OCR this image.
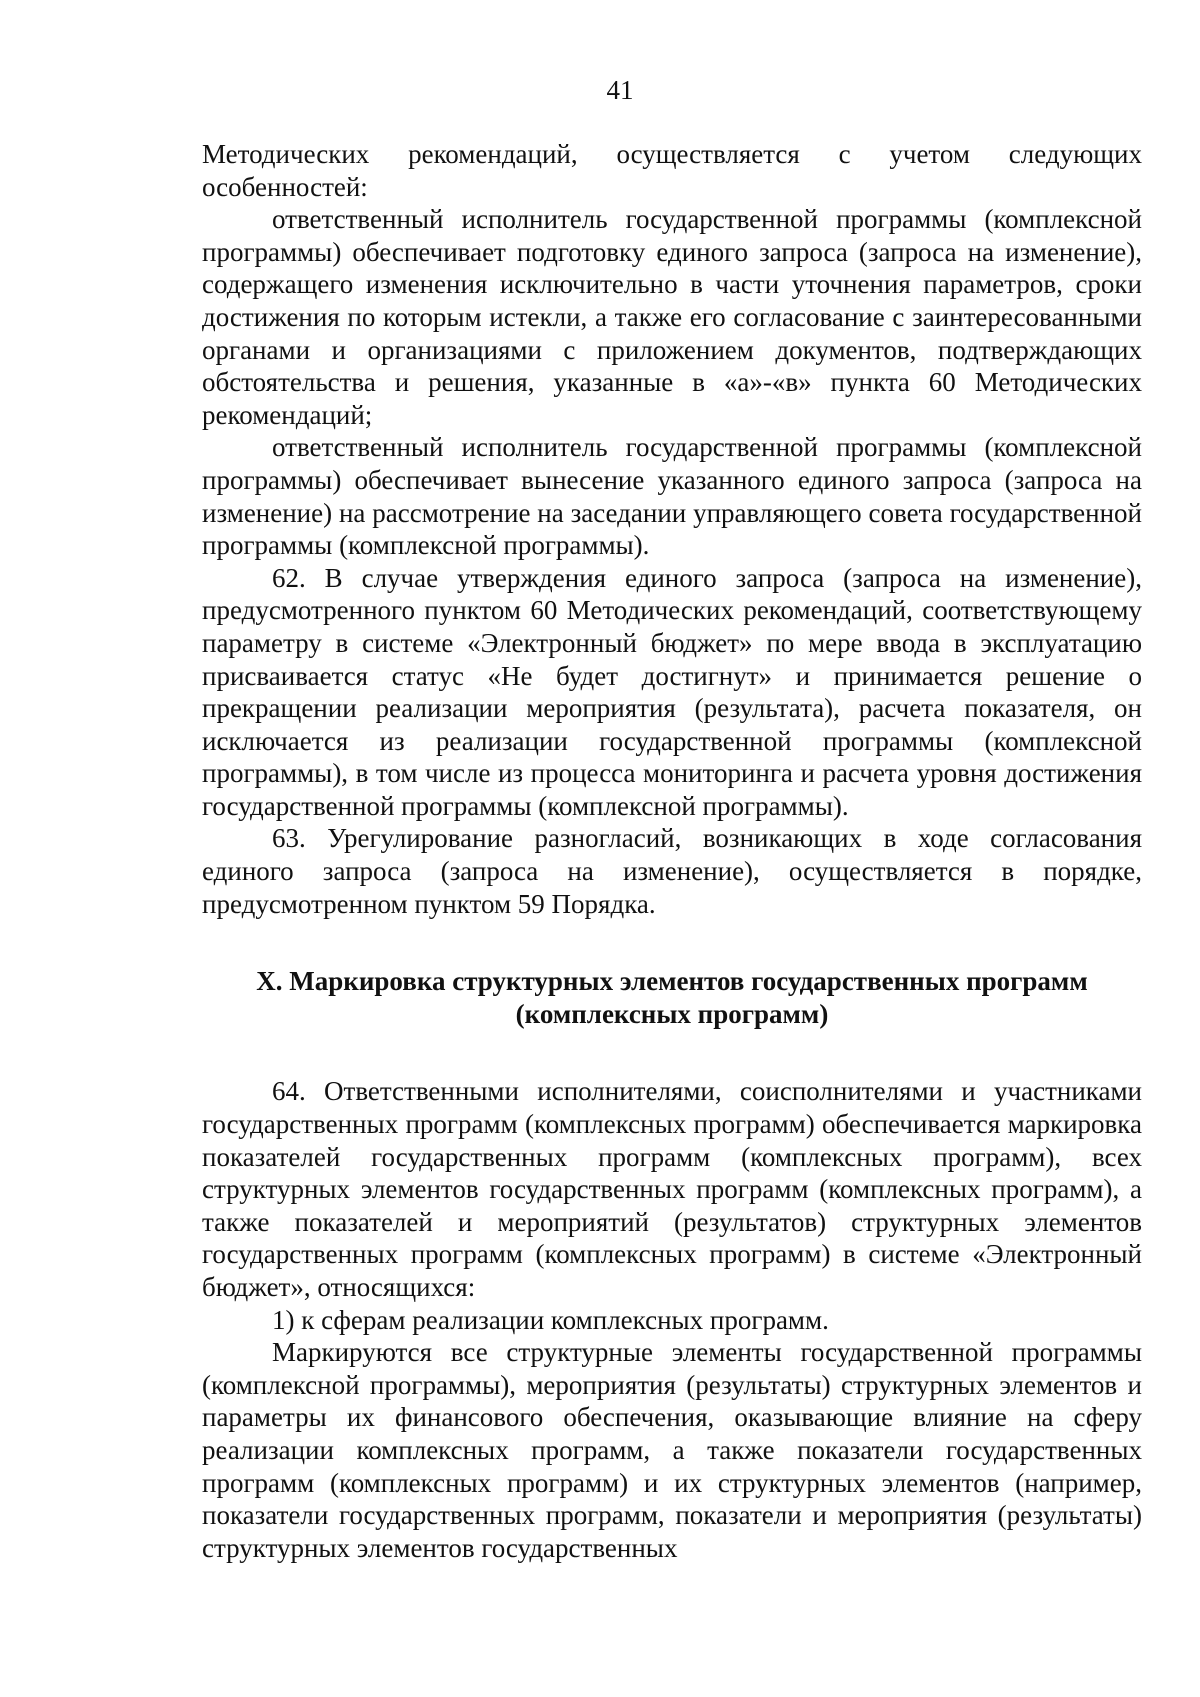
41

Методических рекомендаций, осуществляется с учетом следующих особенностей:

ответственный исполнитель государственной программы (комплексной программы) обеспечивает подготовку единого запроса (запроса на изменение), содержащего изменения исключительно в части уточнения параметров, сроки достижения по которым истекли, а также его согласование с заинтересованными органами и организациями с приложением документов, подтверждающих обстоятельства и решения, указанные в «а»-«в» пункта 60 Методических рекомендаций;

ответственный исполнитель государственной программы (комплексной программы) обеспечивает вынесение указанного единого запроса (запроса на изменение) на рассмотрение на заседании управляющего совета государственной программы (комплексной программы).

62. В случае утверждения единого запроса (запроса на изменение), предусмотренного пунктом 60 Методических рекомендаций, соответствующему параметру в системе «Электронный бюджет» по мере ввода в эксплуатацию присваивается статус «Не будет достигнут» и принимается решение о прекращении реализации мероприятия (результата), расчета показателя, он исключается из реализации государственной программы (комплексной программы), в том числе из процесса мониторинга и расчета уровня достижения государственной программы (комплексной программы).

63. Урегулирование разногласий, возникающих в ходе согласования единого запроса (запроса на изменение), осуществляется в порядке, предусмотренном пунктом 59 Порядка.

X. Маркировка структурных элементов государственных программ
(комплексных программ)

64. Ответственными исполнителями, соисполнителями и участниками государственных программ (комплексных программ) обеспечивается маркировка показателей государственных программ (комплексных программ), всех структурных элементов государственных программ (комплексных программ), а также показателей и мероприятий (результатов) структурных элементов государственных программ (комплексных программ) в системе «Электронный бюджет», относящихся:

1) к сферам реализации комплексных программ.

Маркируются все структурные элементы государственной программы (комплексной программы), мероприятия (результаты) структурных элементов и параметры их финансового обеспечения, оказывающие влияние на сферу реализации комплексных программ, а также показатели государственных программ (комплексных программ) и их структурных элементов (например, показатели государственных программ, показатели и мероприятия (результаты) структурных элементов государственных
